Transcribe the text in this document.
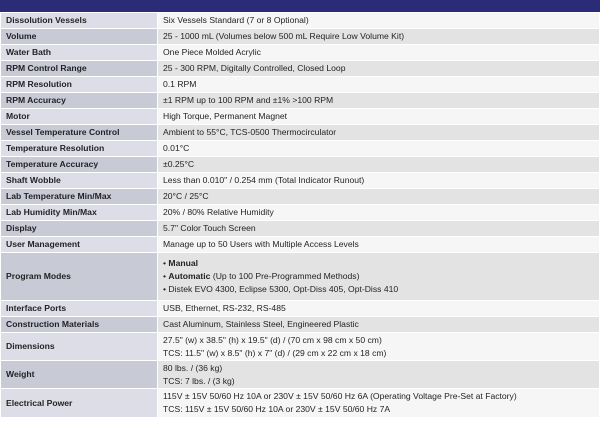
Dissolution Vessels	Six Vessels Standard (7 or 8 Optional)

Volume	25 - 1000 mL (Volumes below 500 mL Require Low Volume Kit)

Water Bath	One Piece Molded Acrylic

RPM Control Range	25 - 300 RPM, Digitally Controlled, Closed Loop

RPM Resolution	0.1 RPM

RPM Accuracy	±1 RPM up to 100 RPM and ±1% >100 RPM

Motor	High Torque, Permanent Magnet

Vessel Temperature Control	Ambient to 55°C, TCS-0500 Thermocirculator

Temperature Resolution	0.01°C

Temperature Accuracy	±0.25°C

Shaft Wobble	Less than 0.010" / 0.254 mm (Total Indicator Runout)

Lab Temperature Min/Max	20°C / 25°C

Lab Humidity Min/Max	20% / 80% Relative Humidity

Display	5.7" Color Touch Screen

User Management	Manage up to 50 Users with Multiple Access Levels

Program Modes	• Manual
• Automatic (Up to 100 Pre-Programmed Methods)
• Distek EVO 4300, Eclipse 5300, Opt-Diss 405, Opt-Diss 410

Interface Ports	USB, Ethernet, RS-232, RS-485

Construction Materials	Cast Aluminum, Stainless Steel, Engineered Plastic

Dimensions	27.5" (w) x 38.5" (h) x 19.5" (d) / (70 cm x 98 cm x 50 cm)
TCS: 11.5" (w) x 8.5" (h) x 7" (d) / (29 cm x 22 cm x 18 cm)

Weight	80 lbs. / (36 kg)
TCS: 7 lbs. / (3 kg)

Electrical Power	115V ± 15V 50/60 Hz 10A or 230V ± 15V 50/60 Hz 6A (Operating Voltage Pre-Set at Factory)
TCS: 115V ± 15V 50/60 Hz 10A or 230V ± 15V 50/60 Hz 7A
